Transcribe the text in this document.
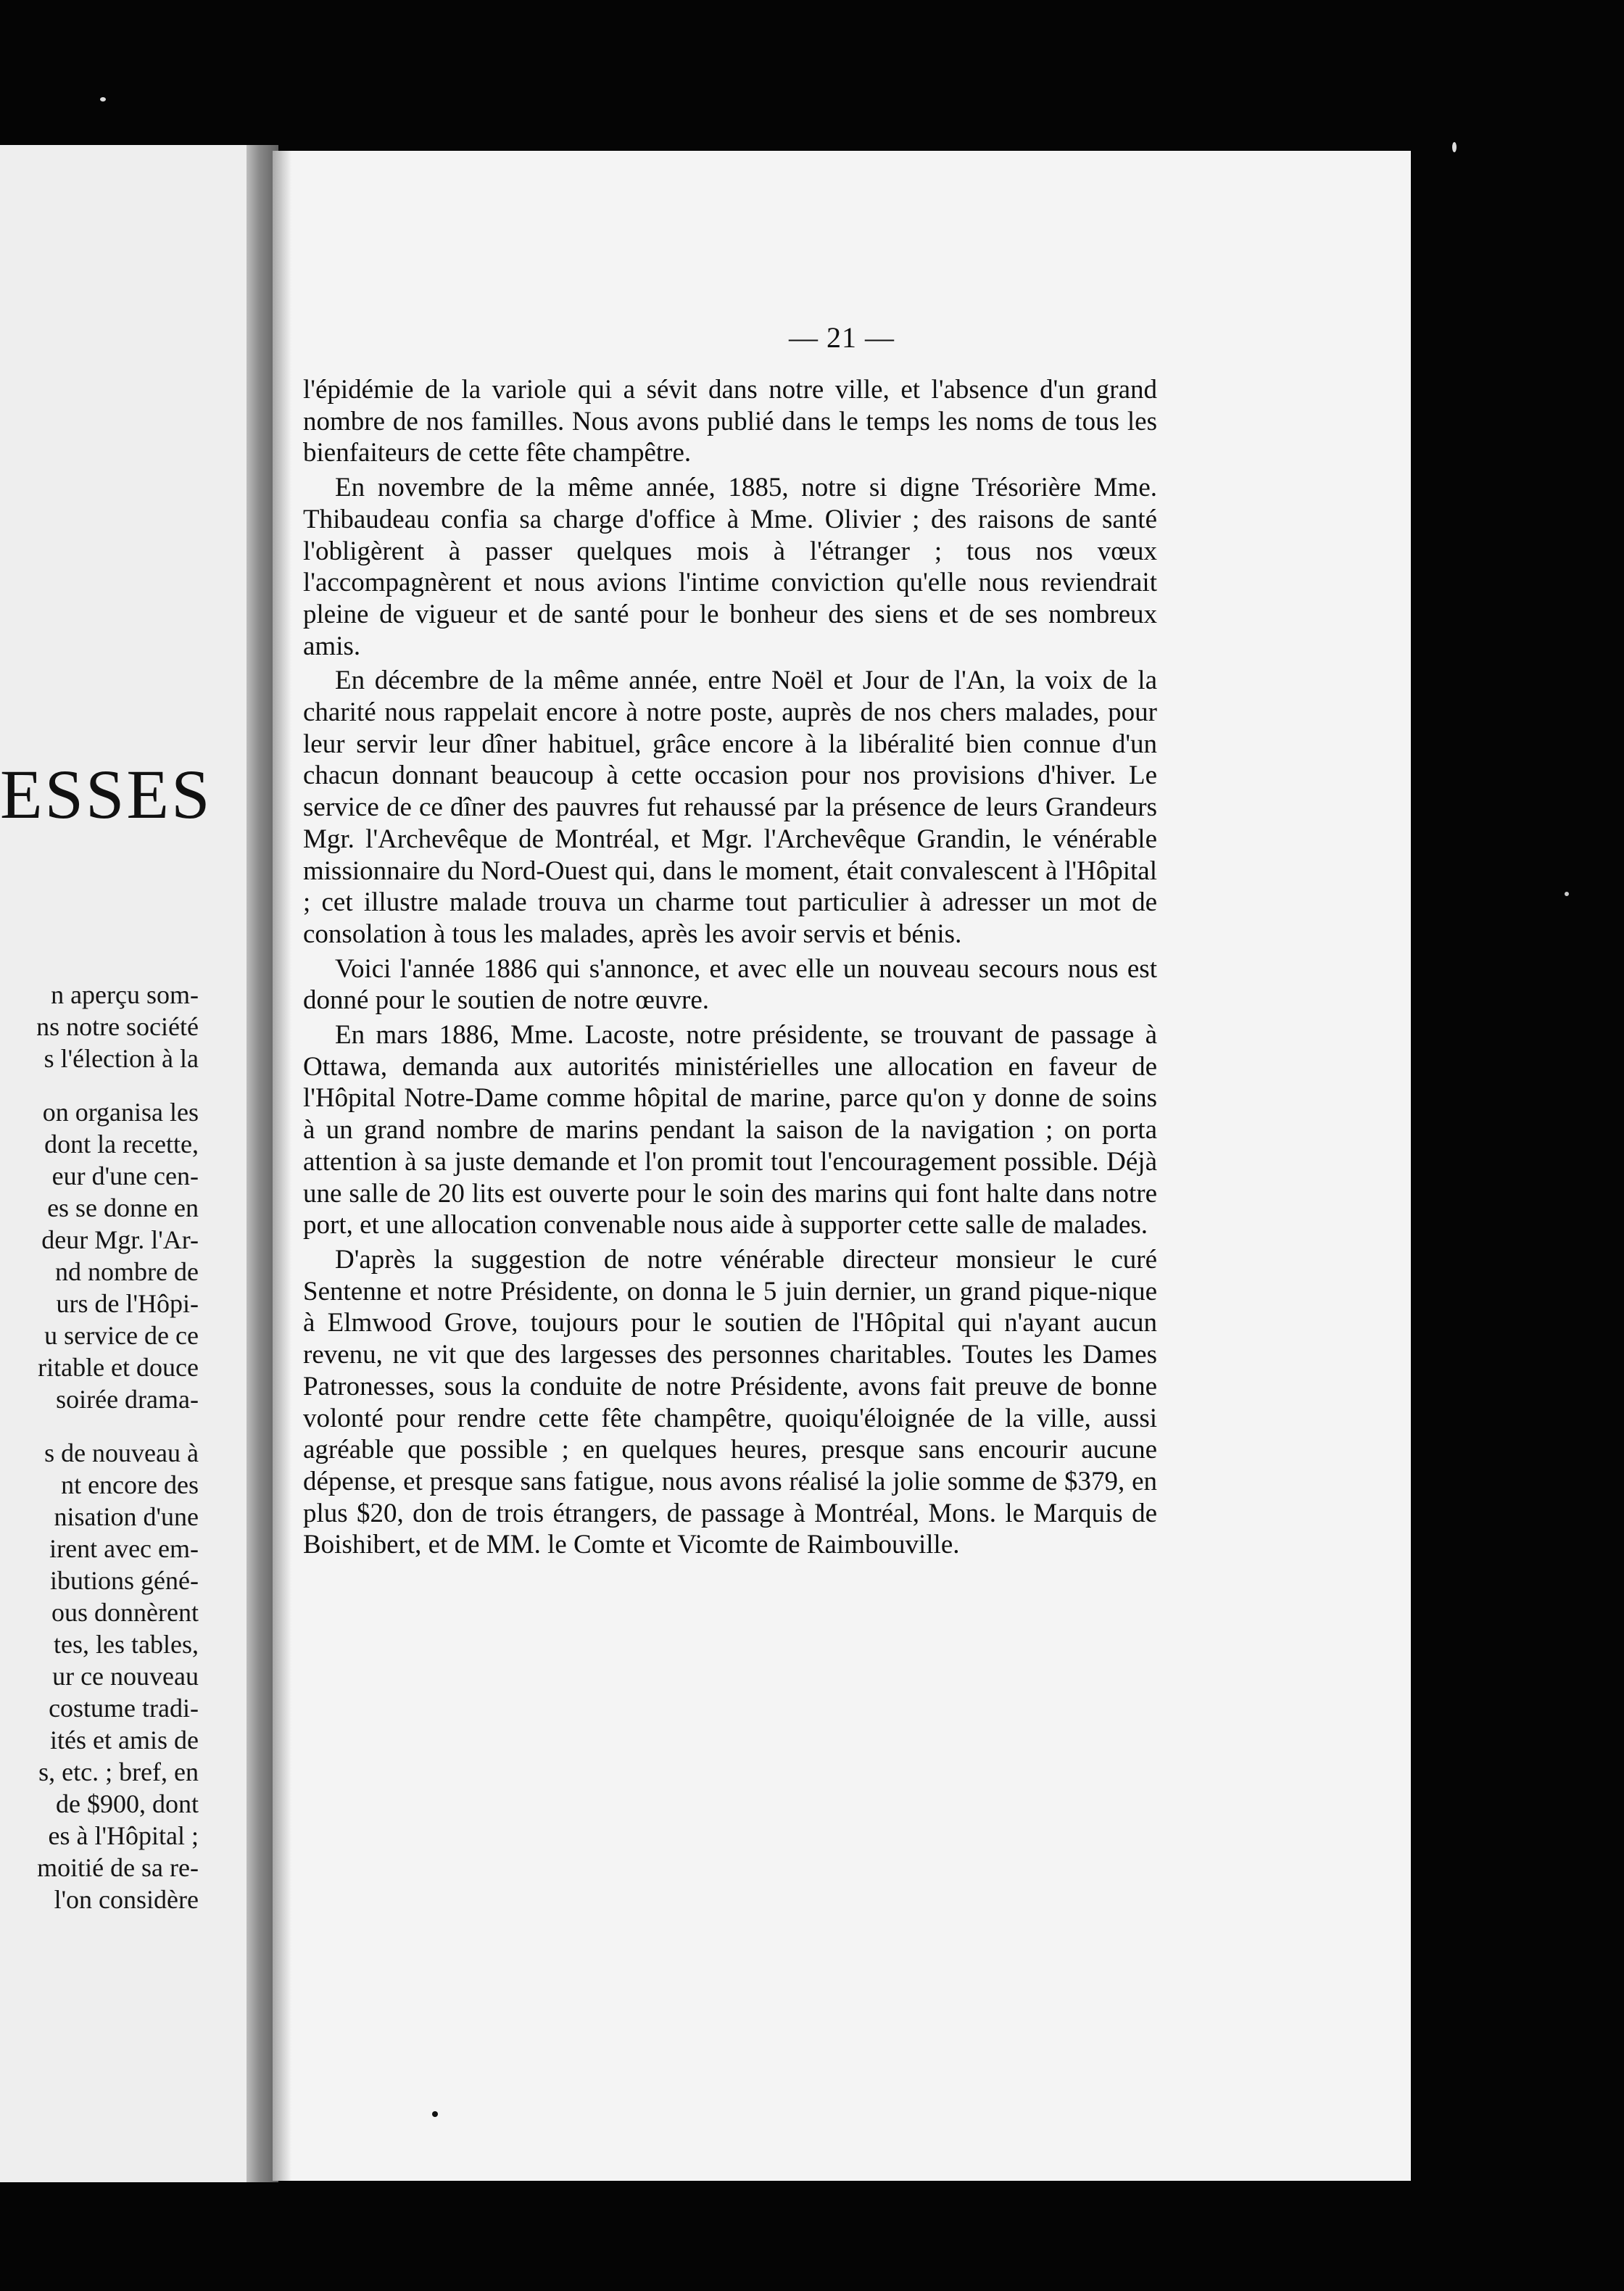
ESSES
n aperçu som-
ns notre société
s l'élection à la
on organisa les
dont la recette,
eur d'une cen-
es se donne en
deur Mgr. l'Ar-
nd nombre de
urs de l'Hôpi-
u service de ce
ritable et douce
soirée drama-
s de nouveau à
nt encore des
nisation d'une
irent avec em-
ibutions géné-
ous donnèrent
tes, les tables,
ur ce nouveau
costume tradi-
ités et amis de
s, etc. ; bref, en
de $900, dont
es à l'Hôpital ;
moitié de sa re-
l'on considère
— 21 —

l'épidémie de la variole qui a sévit dans notre ville, et l'absence d'un grand nombre de nos familles. Nous avons publié dans le temps les noms de tous les bienfaiteurs de cette fête champêtre.

En novembre de la même année, 1885, notre si digne Trésorière Mme. Thibaudeau confia sa charge d'office à Mme. Olivier ; des raisons de santé l'obligèrent à passer quelques mois à l'étranger ; tous nos vœux l'accompagnèrent et nous avions l'intime conviction qu'elle nous reviendrait pleine de vigueur et de santé pour le bonheur des siens et de ses nombreux amis.

En décembre de la même année, entre Noël et Jour de l'An, la voix de la charité nous rappelait encore à notre poste, auprès de nos chers malades, pour leur servir leur dîner habituel, grâce encore à la libéralité bien connue d'un chacun donnant beaucoup à cette occasion pour nos provisions d'hiver. Le service de ce dîner des pauvres fut rehaussé par la présence de leurs Grandeurs Mgr. l'Archevêque de Montréal, et Mgr. l'Archevêque Grandin, le vénérable missionnaire du Nord-Ouest qui, dans le moment, était convalescent à l'Hôpital ; cet illustre malade trouva un charme tout particulier à adresser un mot de consolation à tous les malades, après les avoir servis et bénis.

Voici l'année 1886 qui s'annonce, et avec elle un nouveau secours nous est donné pour le soutien de notre œuvre.

En mars 1886, Mme. Lacoste, notre présidente, se trouvant de passage à Ottawa, demanda aux autorités ministérielles une allocation en faveur de l'Hôpital Notre-Dame comme hôpital de marine, parce qu'on y donne de soins à un grand nombre de marins pendant la saison de la navigation ; on porta attention à sa juste demande et l'on promit tout l'encouragement possible. Déjà une salle de 20 lits est ouverte pour le soin des marins qui font halte dans notre port, et une allocation convenable nous aide à supporter cette salle de malades.

D'après la suggestion de notre vénérable directeur monsieur le curé Sentenne et notre Présidente, on donna le 5 juin dernier, un grand pique-nique à Elmwood Grove, toujours pour le soutien de l'Hôpital qui n'ayant aucun revenu, ne vit que des largesses des personnes charitables. Toutes les Dames Patronesses, sous la conduite de notre Présidente, avons fait preuve de bonne volonté pour rendre cette fête champêtre, quoiqu'éloignée de la ville, aussi agréable que possible ; en quelques heures, presque sans encourir aucune dépense, et presque sans fatigue, nous avons réalisé la jolie somme de $379, en plus $20, don de trois étrangers, de passage à Montréal, Mons. le Marquis de Boishibert, et de MM. le Comte et Vicomte de Raimbouville.
